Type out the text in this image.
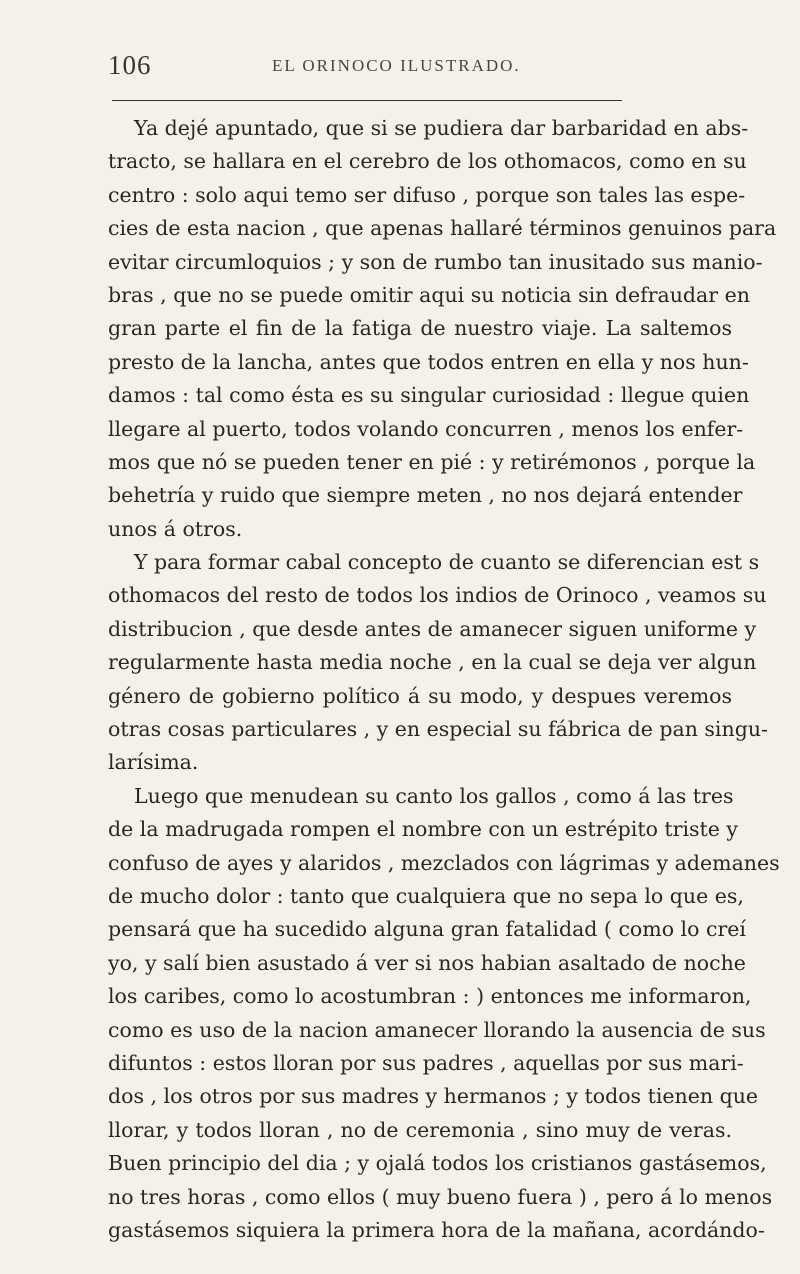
106	EL ORINOCO ILUSTRADO.
Ya dejé apuntado, que si se pudiera dar barbaridad en abs-
tracto, se hallara en el cerebro de los othomacos, como en su
centro : solo aqui temo ser difuso , porque son tales las espe-
cies de esta nacion , que apenas hallaré términos genuinos para
evitar circumloquios ; y son de rumbo tan inusitado sus manio-
bras , que no se puede omitir aqui su noticia sin defraudar en
gran parte el fin de la fatiga de nuestro viaje. La saltemos
presto de la lancha, antes que todos entren en ella y nos hun-
damos : tal como ésta es su singular curiosidad : llegue quien
llegare al puerto, todos volando concurren , menos los enfer-
mos que nó se pueden tener en pié : y retirémonos , porque la
behetría y ruido que siempre meten , no nos dejará entender
unos á otros.
Y para formar cabal concepto de cuanto se diferencian est s
othomacos del resto de todos los indios de Orinoco , veamos su
distribucion , que desde antes de amanecer siguen uniforme y
regularmente hasta media noche , en la cual se deja ver algun
género de gobierno político á su modo, y despues veremos
otras cosas particulares , y en especial su fábrica de pan singu-
larísima.
Luego que menudean su canto los gallos , como á las tres
de la madrugada rompen el nombre con un estrépito triste y
confuso de ayes y alaridos , mezclados con lágrimas y ademanes
de mucho dolor : tanto que cualquiera que no sepa lo que es,
pensará que ha sucedido alguna gran fatalidad ( como lo creí
yo, y salí bien asustado á ver si nos habian asaltado de noche
los caribes, como lo acostumbran : ) entonces me informaron,
como es uso de la nacion amanecer llorando la ausencia de sus
difuntos : estos lloran por sus padres , aquellas por sus mari-
dos , los otros por sus madres y hermanos ; y todos tienen que
llorar, y todos lloran , no de ceremonia , sino muy de veras.
Buen principio del dia ; y ojalá todos los cristianos gastásemos,
no tres horas , como ellos ( muy bueno fuera ) , pero á lo menos
gastásemos siquiera la primera hora de la mañana, acordándo-
